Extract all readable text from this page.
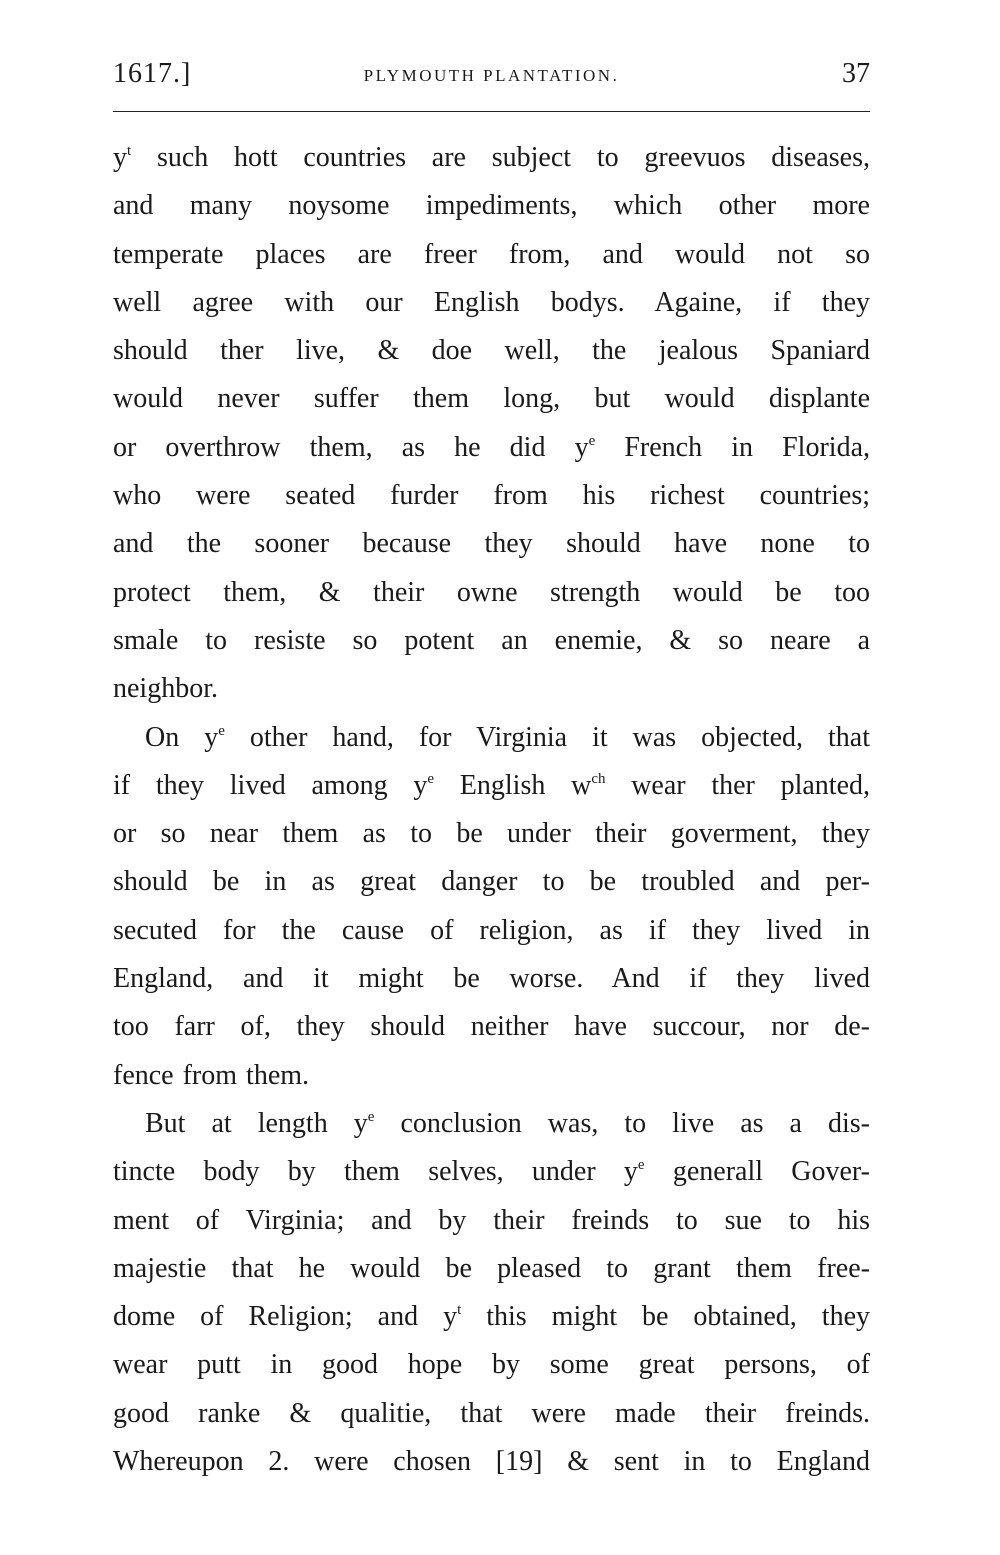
1617.]	PLYMOUTH PLANTATION.	37
$y^t$ such hott countries are subject to greevuos diseases,
and many noysome impediments, which other more
temperate places are freer from, and would not so
well agree with our English bodys. Againe, if they
should ther live, & doe well, the jealous Spaniard
would never suffer them long, but would displante
or overthrow them, as he did $y^e$ French in Florida,
who were seated furder from his richest countries;
and the sooner because they should have none to
protect them, & their owne strength would be too
smale to resiste so potent an enemie, & so neare a
neighbor.
On $y^e$ other hand, for Virginia it was objected, that
if they lived among $y^e$ English $w^{ch}$ wear ther planted,
or so near them as to be under their goverment, they
should be in as great danger to be troubled and per-
secuted for the cause of religion, as if they lived in
England, and it might be worse. And if they lived
too farr of, they should neither have succour, nor de-
fence from them.
But at length $y^e$ conclusion was, to live as a dis-
tincte body by them selves, under $y^e$ generall Gover-
ment of Virginia; and by their freinds to sue to his
majestie that he would be pleased to grant them free-
dome of Religion; and $y^t$ this might be obtained, they
wear putt in good hope by some great persons, of
good ranke & qualitie, that were made their freinds.
Whereupon 2. were chosen [19] & sent in to England
